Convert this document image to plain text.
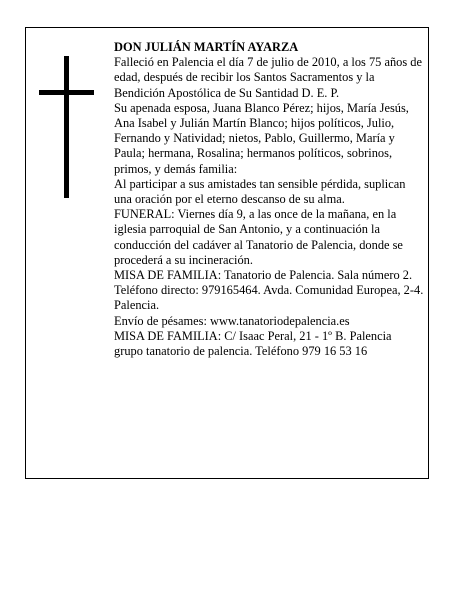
DON JULIÁN MARTÍN AYARZA

Falleció en Palencia el día 7 de julio de 2010, a los 75 años de edad, después de recibir los Santos Sacramentos y la Bendición Apostólica de Su Santidad D. E. P.

Su apenada esposa, Juana Blanco Pérez; hijos, María Jesús, Ana Isabel y Julián Martín Blanco; hijos políticos, Julio, Fernando y Natividad; nietos, Pablo, Guillermo, María y Paula; hermana, Rosalina; hermanos políticos, sobrinos, primos, y demás familia:

Al participar a sus amistades tan sensible pérdida, suplican una oración por el eterno descanso de su alma.

FUNERAL: Viernes día 9, a las once de la mañana, en la iglesia parroquial de San Antonio, y a continuación la conducción del cadáver al Tanatorio de Palencia, donde se procederá a su incineración.

MISA DE FAMILIA: Tanatorio de Palencia. Sala número 2. Teléfono directo: 979165464. Avda. Comunidad Europea, 2-4. Palencia.

Envío de pésames: www.tanatoriodepalencia.es

MISA DE FAMILIA: C/ Isaac Peral, 21 - 1º B. Palencia

grupo tanatorio de palencia. Teléfono 979 16 53 16
